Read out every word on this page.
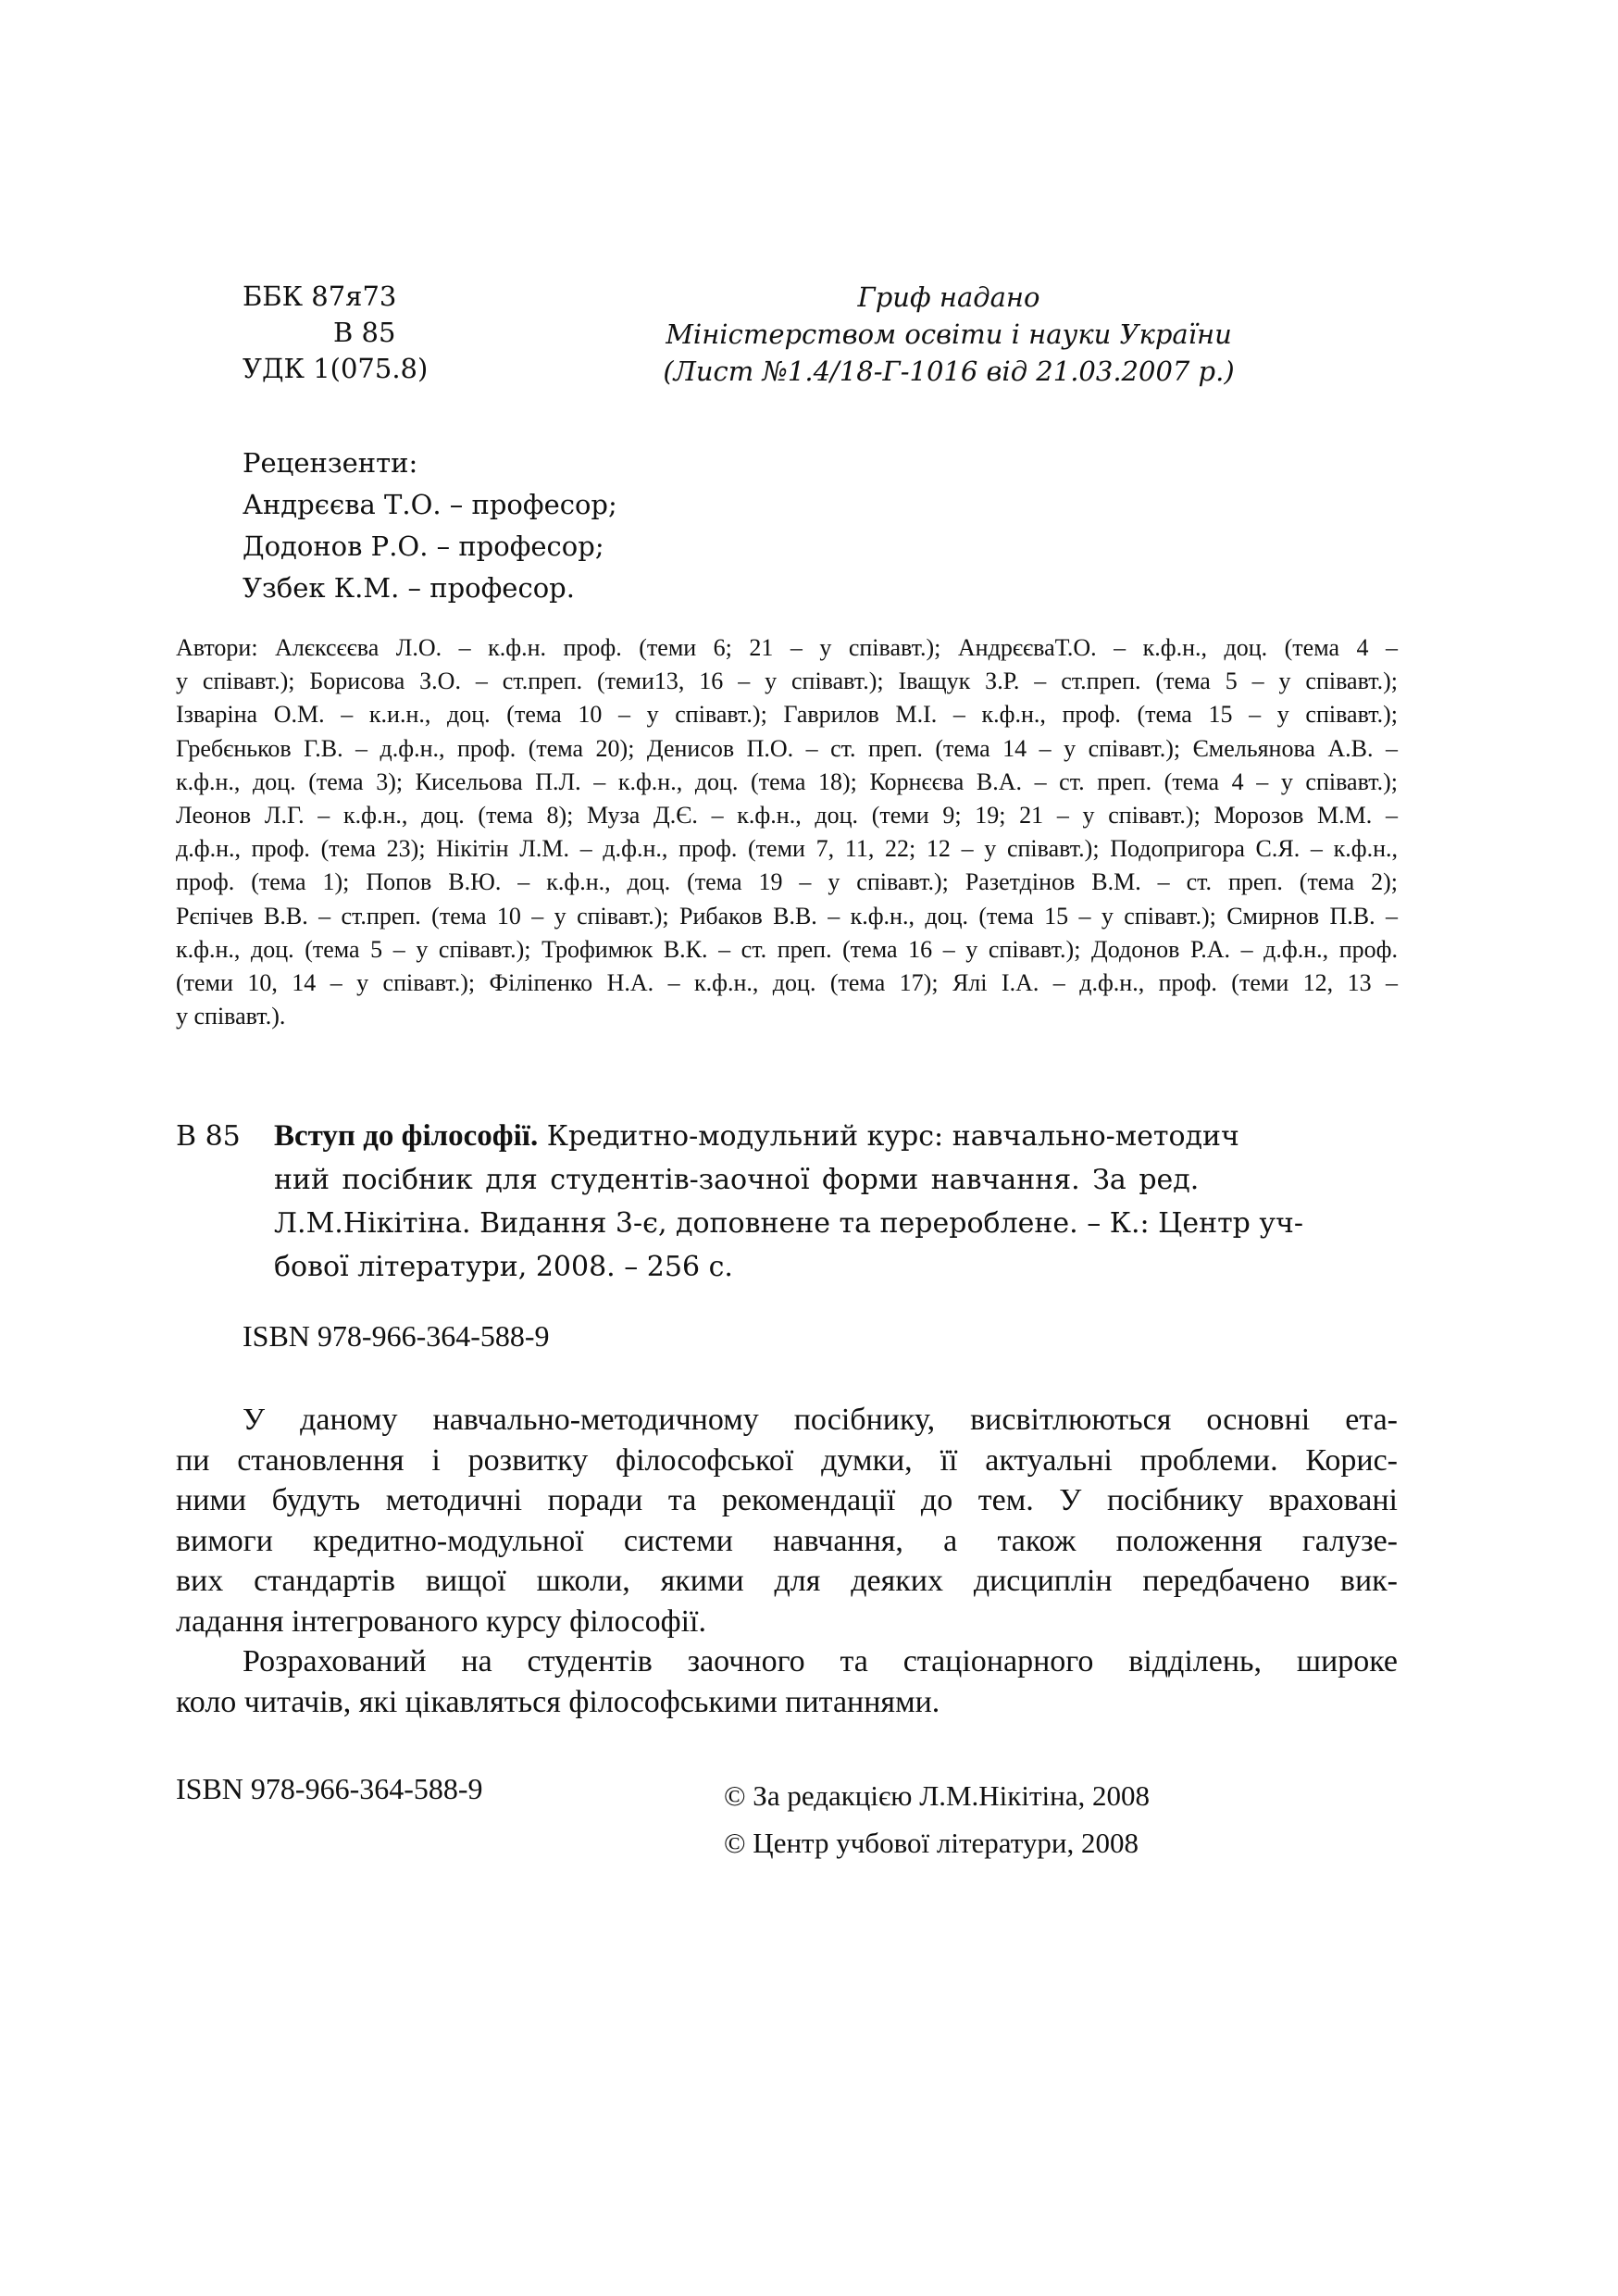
ББК 87я73
В 85
УДК 1(075.8)
Гриф надано
Міністерством освіти і науки України
(Лист №1.4/18-Г-1016 від 21.03.2007 р.)
Рецензенти:
Андрєєва Т.О. – професор;
Додонов Р.О. – професор;
Узбек К.М. – професор.
Автори: Алєксєєва Л.О. – к.ф.н. проф. (теми 6; 21 – у співавт.); АндрєєваТ.О. – к.ф.н., доц. (тема 4 –
у співавт.); Борисова З.О. – ст.преп. (теми13, 16 – у співавт.); Іващук З.Р. – ст.преп. (тема 5 – у співавт.);
Ізваріна О.М. – к.и.н., доц. (тема 10 – у співавт.); Гаврилов М.І. – к.ф.н., проф. (тема 15 – у співавт.);
Гребєньков Г.В. – д.ф.н., проф. (тема 20); Денисов П.О. – ст. преп. (тема 14 – у співавт.); Ємельянова А.В. –
к.ф.н., доц. (тема 3); Кисельова П.Л. – к.ф.н., доц. (тема 18); Корнєєва В.А. – ст. преп. (тема 4 – у співавт.);
Леонов Л.Г. – к.ф.н., доц. (тема 8); Муза Д.Є. – к.ф.н., доц. (теми 9; 19; 21 – у співавт.); Морозов М.М. –
д.ф.н., проф. (тема 23); Нікітін Л.М. – д.ф.н., проф. (теми 7, 11, 22; 12 – у співавт.); Подопригора С.Я. – к.ф.н.,
проф. (тема 1); Попов В.Ю. – к.ф.н., доц. (тема 19 – у співавт.); Разетдінов В.М. – ст. преп. (тема 2);
Рєпічев В.В. – ст.преп. (тема 10 – у співавт.); Рибаков В.В. – к.ф.н., доц. (тема 15 – у співавт.); Смирнов П.В. –
к.ф.н., доц. (тема 5 – у співавт.); Трофимюк В.К. – ст. преп. (тема 16 – у співавт.); Додонов Р.А. – д.ф.н., проф.
(теми 10, 14 – у співавт.); Філіпенко Н.А. – к.ф.н., доц. (тема 17); Ялі І.А. – д.ф.н., проф. (теми 12, 13 –
у співавт.).
В 85 Вступ до філософії. Кредитно-модульний курс: навчально-методич
ний посібник для студентів-заочної форми навчання. За ред.
Л.М.Нікітіна. Видання 3-є, доповнене та перероблене. – К.: Центр уч-
бової літератури, 2008. – 256 с.
ISBN 978-966-364-588-9
У даному навчально-методичному посібнику, висвітлюються основні ета-
пи становлення і розвитку філософської думки, її актуальні проблеми. Корис-
ними будуть методичні поради та рекомендації до тем. У посібнику враховані
вимоги кредитно-модульної системи навчання, а також положення галузе-
вих стандартів вищої школи, якими для деяких дисциплін передбачено вик-
ладання інтегрованого курсу філософії.
Розрахований на студентів заочного та стаціонарного відділень, широке
коло читачів, які цікавляться філософськими питаннями.
ISBN 978-966-364-588-9	© За редакцією Л.М.Нікітіна, 2008
© Центр учбової літератури, 2008
